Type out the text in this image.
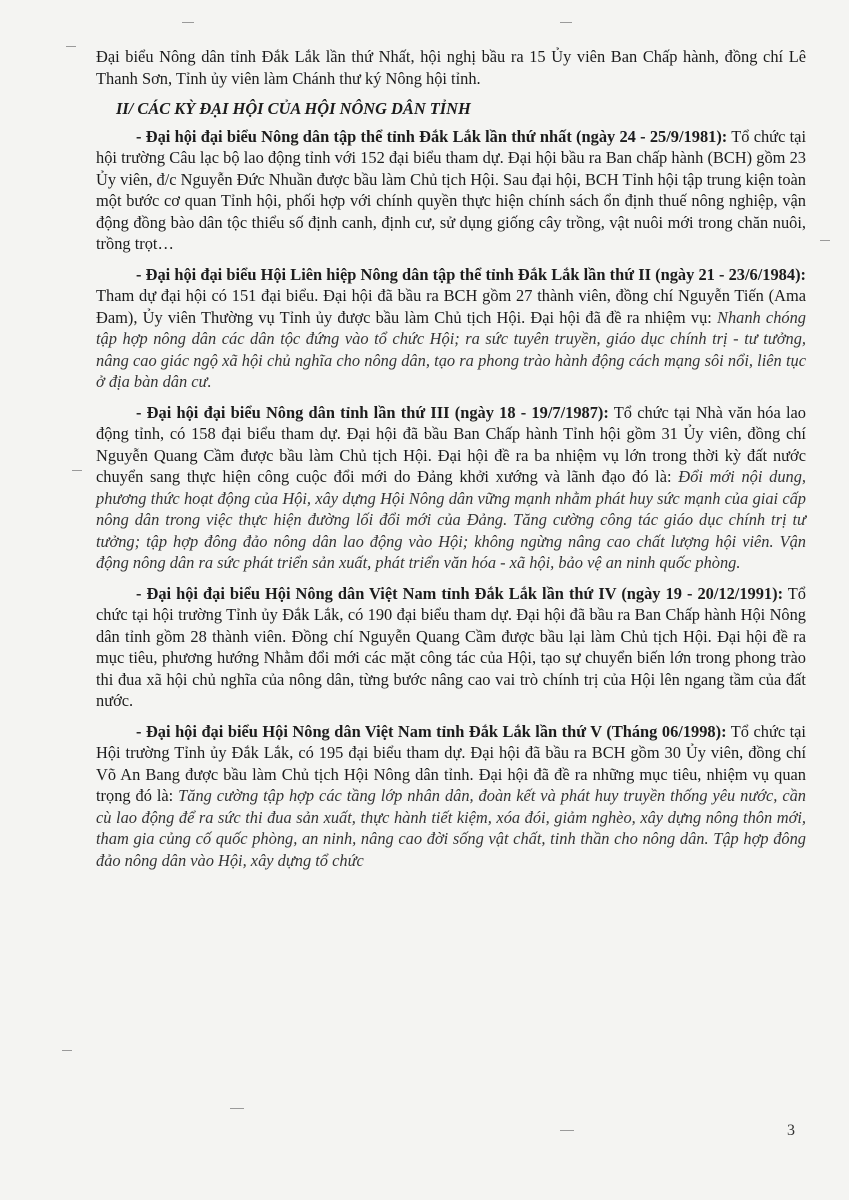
Đại biểu Nông dân tỉnh Đắk Lắk lần thứ Nhất, hội nghị bầu ra 15 Ủy viên Ban Chấp hành, đồng chí Lê Thanh Sơn, Tỉnh ủy viên làm Chánh thư ký Nông hội tỉnh.

II/ CÁC KỲ ĐẠI HỘI CỦA HỘI NÔNG DÂN TỈNH

- Đại hội đại biểu Nông dân tập thể tỉnh Đắk Lắk lần thứ nhất (ngày 24 - 25/9/1981): Tổ chức tại hội trường Câu lạc bộ lao động tỉnh với 152 đại biểu tham dự. Đại hội bầu ra Ban chấp hành (BCH) gồm 23 Ủy viên, đ/c Nguyễn Đức Nhuần được bầu làm Chủ tịch Hội. Sau đại hội, BCH Tỉnh hội tập trung kiện toàn một bước cơ quan Tỉnh hội, phối hợp với chính quyền thực hiện chính sách ổn định thuế nông nghiệp, vận động đồng bào dân tộc thiểu số định canh, định cư, sử dụng giống cây trồng, vật nuôi mới trong chăn nuôi, trồng trọt…

- Đại hội đại biểu Hội Liên hiệp Nông dân tập thể tỉnh Đắk Lắk lần thứ II (ngày 21 - 23/6/1984): Tham dự đại hội có 151 đại biểu. Đại hội đã bầu ra BCH gồm 27 thành viên, đồng chí Nguyễn Tiến (Ama Đam), Ủy viên Thường vụ Tỉnh ủy được bầu làm Chủ tịch Hội. Đại hội đã đề ra nhiệm vụ: Nhanh chóng tập hợp nông dân các dân tộc đứng vào tổ chức Hội; ra sức tuyên truyền, giáo dục chính trị - tư tưởng, nâng cao giác ngộ xã hội chủ nghĩa cho nông dân, tạo ra phong trào hành động cách mạng sôi nổi, liên tục ở địa bàn dân cư.

- Đại hội đại biểu Nông dân tỉnh lần thứ III (ngày 18 - 19/7/1987): Tổ chức tại Nhà văn hóa lao động tỉnh, có 158 đại biểu tham dự. Đại hội đã bầu Ban Chấp hành Tỉnh hội gồm 31 Ủy viên, đồng chí Nguyễn Quang Cầm được bầu làm Chủ tịch Hội. Đại hội đề ra ba nhiệm vụ lớn trong thời kỳ đất nước chuyển sang thực hiện công cuộc đổi mới do Đảng khởi xướng và lãnh đạo đó là: Đổi mới nội dung, phương thức hoạt động của Hội, xây dựng Hội Nông dân vững mạnh nhằm phát huy sức mạnh của giai cấp nông dân trong việc thực hiện đường lối đổi mới của Đảng. Tăng cường công tác giáo dục chính trị tư tưởng; tập hợp đông đảo nông dân lao động vào Hội; không ngừng nâng cao chất lượng hội viên. Vận động nông dân ra sức phát triển sản xuất, phát triển văn hóa - xã hội, bảo vệ an ninh quốc phòng.

- Đại hội đại biểu Hội Nông dân Việt Nam tỉnh Đắk Lắk lần thứ IV (ngày 19 - 20/12/1991): Tổ chức tại hội trường Tỉnh ủy Đắk Lắk, có 190 đại biểu tham dự. Đại hội đã bầu ra Ban Chấp hành Hội Nông dân tỉnh gồm 28 thành viên. Đồng chí Nguyễn Quang Cầm được bầu lại làm Chủ tịch Hội. Đại hội đề ra mục tiêu, phương hướng Nhằm đổi mới các mặt công tác của Hội, tạo sự chuyển biến lớn trong phong trào thi đua xã hội chủ nghĩa của nông dân, từng bước nâng cao vai trò chính trị của Hội lên ngang tầm của đất nước.

- Đại hội đại biểu Hội Nông dân Việt Nam tỉnh Đắk Lắk lần thứ V (Tháng 06/1998): Tổ chức tại Hội trường Tỉnh ủy Đắk Lắk, có 195 đại biểu tham dự. Đại hội đã bầu ra BCH gồm 30 Ủy viên, đồng chí Võ An Bang được bầu làm Chủ tịch Hội Nông dân tỉnh. Đại hội đã đề ra những mục tiêu, nhiệm vụ quan trọng đó là: Tăng cường tập hợp các tầng lớp nhân dân, đoàn kết và phát huy truyền thống yêu nước, cần cù lao động để ra sức thi đua sản xuất, thực hành tiết kiệm, xóa đói, giảm nghèo, xây dựng nông thôn mới, tham gia củng cố quốc phòng, an ninh, nâng cao đời sống vật chất, tinh thần cho nông dân. Tập hợp đông đảo nông dân vào Hội, xây dựng tổ chức

3
